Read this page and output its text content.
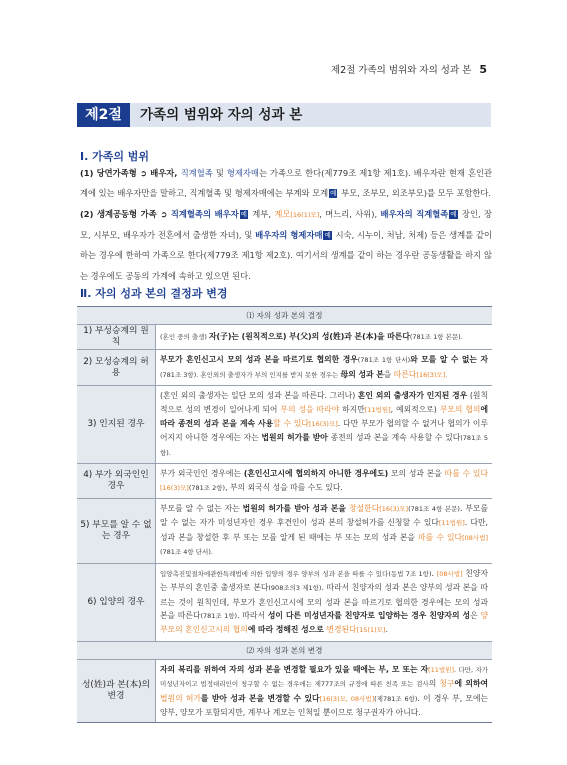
제2절 가족의 범위와 자의 성과 본 5
제2절	가족의 범위와 자의 성과 본
Ⅰ. 가족의 범위
(1) 당연가족형 ➲ 배우자, 직계혈족 및 형제자매는 가족으로 한다(제779조 제1항 제1호). 배우자란 현재 혼인관계에 있는 배우자만을 말하고, 직계혈족 및 형제자매에는 부계와 모계 예 부모, 조부모, 외조부모)를 모두 포함한다.
(2) 생계공동형 가족 ➲ 직계혈족의 배우자 예 계부, 계모[16(1)모], 며느리, 사위), 배우자의 직계혈족 예 장인, 장모, 시부모, 배우자가 전혼에서 출생한 자녀), 및 배우자의 형제자매 예 시숙, 시누이, 처남, 처제) 등은 생계를 같이 하는 경우에 한하여 가족으로 한다(제779조 제1항 제2호). 여기서의 생계를 같이 하는 경우란 공동생활을 하지 않는 경우에도 공동의 가계에 속하고 있으면 된다.
Ⅱ. 자의 성과 본의 결정과 변경
⑴ 자의 성과 본의 결정
1) 부성승계의 원칙
(혼인 중의 출생) 자(子)는 (원칙적으로) 부(父)의 성(姓)과 본(本)을 따른다(781조 1항 본문).
2) 모성승계의 허용
부모가 혼인신고시 모의 성과 본을 따르기로 협의한 경우(781조 1항 단서)와 모를 알 수 없는 자(781조 3항). 혼인외의 출생자가 부의 인지를 받지 못한 경우는 母의 성과 본을 따른다[16(3)모].
3) 인지된 경우
(혼인 외의 출생자는 일단 모의 성과 본을 따른다. 그러나) 혼인 외의 출생자가 인지된 경우 (원칙적으로 성의 변경이 일어나게 되어 부의 성을 따라야 하지만[11법원], 예외적으로) 부모의 협의에 따라 종전의 성과 본을 계속 사용할 수 있다[16(3)모]. 다만 부모가 협의할 수 없거나 협의가 이루어지지 아니한 경우에는 자는 법원의 허가를 받아 종전의 성과 본을 계속 사용할 수 있다(781조 5항).
4) 부가 외국인인 경우
부가 외국인인 경우에는 (혼인신고시에 협의하지 아니한 경우에도) 모의 성과 본을 따를 수 있다[16(3)모](781조 2항), 부의 외국식 성을 따를 수도 있다.
5) 부모를 알 수 없는 경우
부모를 알 수 없는 자는 법원의 허가를 받아 성과 본을 창설한다[16(3)모](781조 4항 본문). 부모를 알 수 없는 자가 미성년자인 경우 후견인이 성과 본의 창설허가를 신청할 수 있다[11법원]. 다만, 성과 본을 창설한 후 부 또는 모를 알게 된 때에는 부 또는 모의 성과 본을 따를 수 있다[08사법](781조 4항 단서).
6) 입양의 경우
입양촉진및절차에관한특례법에 의한 입양의 경우 양부의 성과 본을 따를 수 있다(동법 7조 1항). [08사법] 친양자는 부부의 혼인중 출생자로 본다(908조의3 제1항). 따라서 친양자의 성과 본은 양부의 성과 본을 따르는 것이 원칙인데, 부모가 혼인신고시에 모의 성과 본을 따르기로 협의한 경우에는 모의 성과 본을 따른다(781조 1항). 따라서 성이 다른 미성년자를 친양자로 입양하는 경우 친양자의 성은 양부모의 혼인신고시의 협의에 따라 정해진 성으로 변경된다[15(1)모].
⑵ 자의 성과 본의 변경
성(姓)과 본(本)의 변경
자의 복리를 위하여 자의 성과 본을 변경할 필요가 있을 때에는 부, 모 또는 자[11법원]. 다만, 자가 미성년자이고 법정대리인이 청구할 수 없는 경우에는 제777조의 규정에 따른 친족 또는 검사의 청구에 의하여 법원의 허가를 받아 성과 본을 변경할 수 있다[16(3)모, 08사법](제781조 6항). 이 경우 부, 모에는 양부, 양모가 포함되지만, 계부나 계모는 인척일 뿐이므로 청구권자가 아니다.
